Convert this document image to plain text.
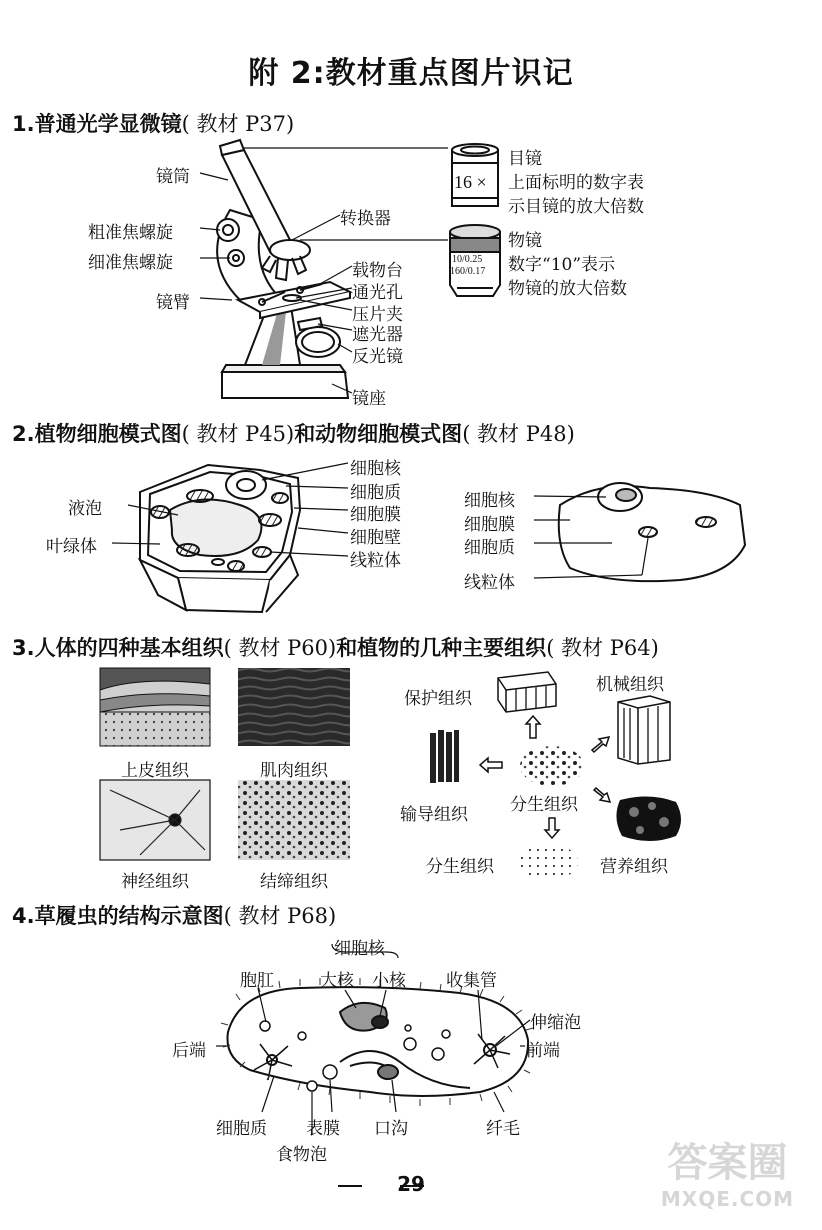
附 2:教材重点图片识记
1.普通光学显微镜( 教材 P37)
2.植物细胞模式图( 教材 P45)和动物细胞模式图( 教材 P48)
3.人体的四种基本组织( 教材 P60)和植物的几种主要组织( 教材 P64)
4.草履虫的结构示意图( 教材 P68)
镜筒
粗准焦螺旋
细准焦螺旋
镜臂
转换器
载物台
通光孔
压片夹
遮光器
反光镜
镜座
16 ×
目镜
上面标明的数字表
示目镜的放大倍数
10/0.25
160/0.17
物镜
数字“10”表示
物镜的放大倍数
液泡
叶绿体
细胞核
细胞质
细胞膜
细胞壁
线粒体
细胞核
细胞膜
细胞质
线粒体
上皮组织	肌肉组织
神经组织	结缔组织
保护组织
机械组织
输导组织 分生组织
分生组织	营养组织
细胞核
胞肛	大核 小核 收集管
后端
伸缩泡
前端
细胞质 表膜 口沟	纤毛
食物泡
29	答案圈
MXQE.COM
